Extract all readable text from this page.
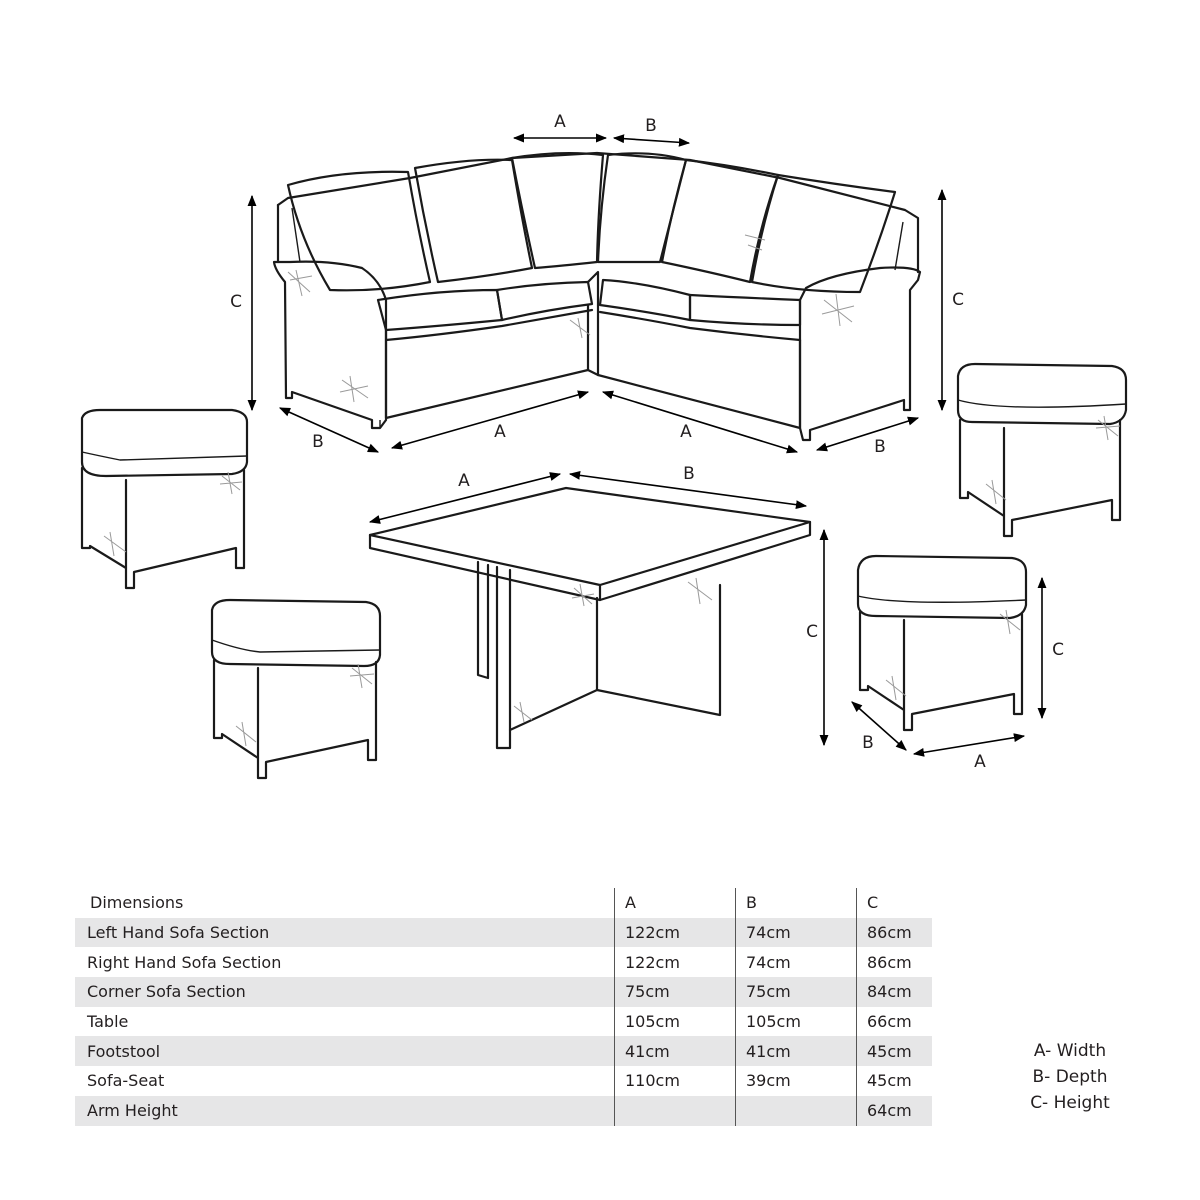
A	B
C	C
B	A	A
B
A	B
C
C
B
A
Dimensions	A	B	C
Left Hand Sofa Section	122cm	74cm	86cm
Right Hand Sofa Section	122cm	74cm	86cm
Corner Sofa Section	75cm	75cm	84cm
Table	105cm	105cm	66cm
Footstool	41cm	41cm	45cm
Sofa-Seat	110cm	39cm	45cm
Arm Height			64cm
A- Width
B- Depth
C- Height
